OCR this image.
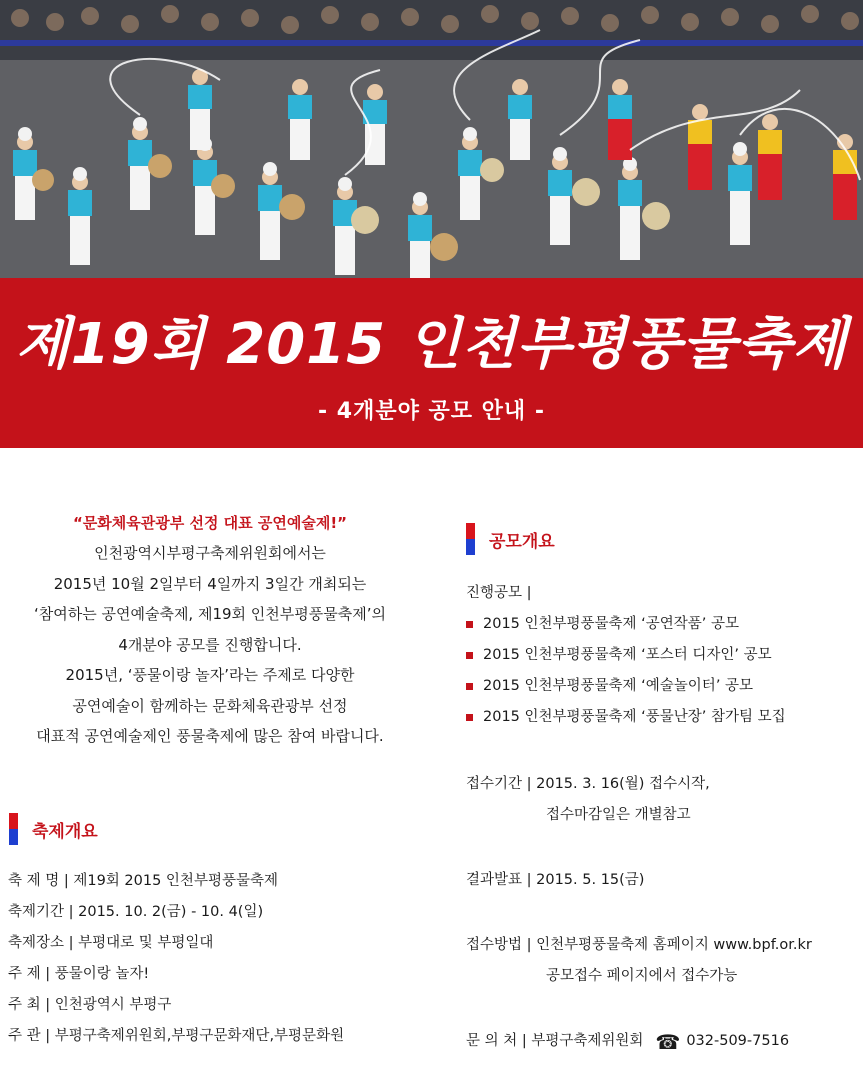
제19회 2015 인천부평풍물축제
- 4개분야 공모 안내 -
“문화체육관광부 선정 대표 공연예술제!”
인천광역시부평구축제위원회에서는
2015년 10월 2일부터 4일까지 3일간 개최되는
‘참여하는 공연예술축제, 제19회 인천부평풍물축제’의
4개분야 공모를 진행합니다.
2015년, ‘풍물이랑 놀자’라는 주제로 다양한
공연예술이 함께하는 문화체육관광부 선정
대표적 공연예술제인 풍물축제에 많은 참여 바랍니다.
축제개요
축 제 명 | 제19회 2015 인천부평풍물축제
축제기간 | 2015. 10. 2(금) - 10. 4(일)
축제장소 | 부평대로 및 부평일대
주 제 | 풍물이랑 놀자!
주 최 | 인천광역시 부평구
주 관 | 부평구축제위원회,부평구문화재단,부평문화원
공모개요
진행공모 |
2015 인천부평풍물축제 ‘공연작품’ 공모
2015 인천부평풍물축제 ‘포스터 디자인’ 공모
2015 인천부평풍물축제 ‘예술놀이터’ 공모
2015 인천부평풍물축제 ‘풍물난장’ 참가팀 모집
접수기간 | 2015. 3. 16(월) 접수시작,
접수마감일은 개별참고
결과발표 | 2015. 5. 15(금)
접수방법 | 인천부평풍물축제 홈페이지 www.bpf.or.kr
공모접수 페이지에서 접수가능
문 의 처 | 부평구축제위원회 ☎ 032-509-7516
